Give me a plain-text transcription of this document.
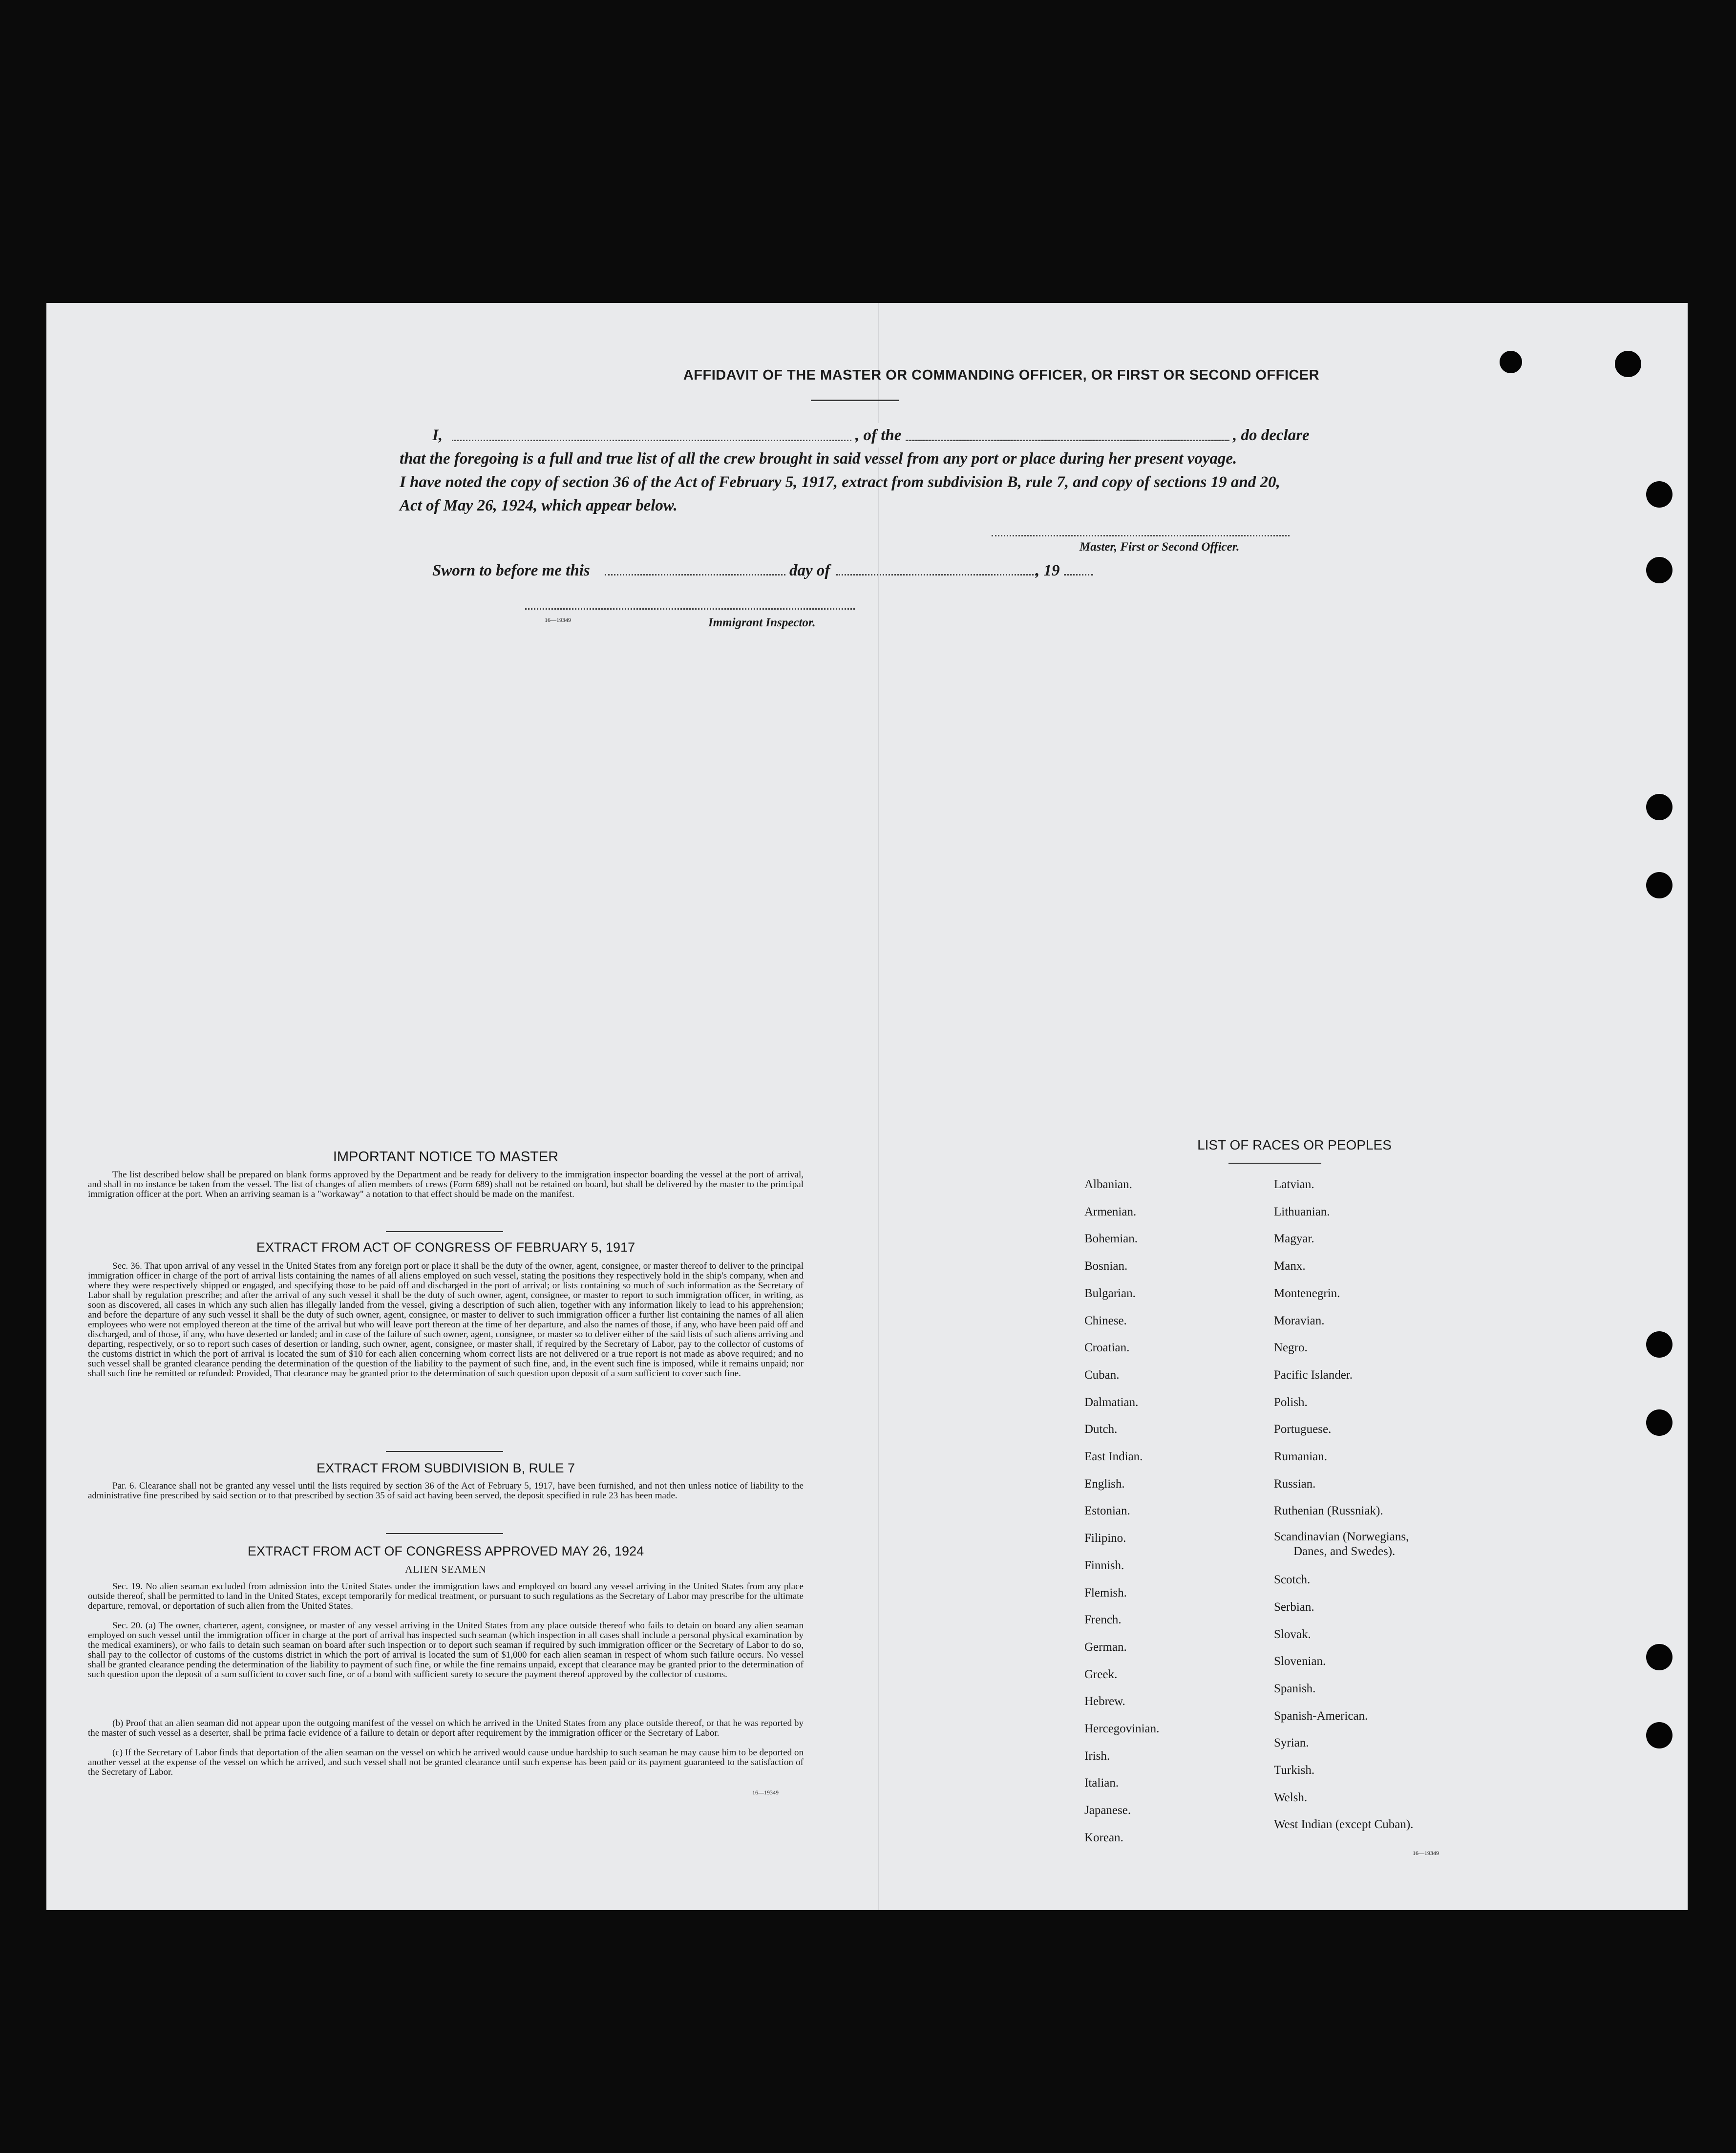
AFFIDAVIT OF THE MASTER OR COMMANDING OFFICER, OR FIRST OR SECOND OFFICER
I,	, of the	, do declare
that the foregoing is a full and true list of all the crew brought in said vessel from any port or place during her present voyage.
I have noted the copy of section 36 of the Act of February 5, 1917, extract from subdivision B, rule 7, and copy of sections 19 and 20,
Act of May 26, 1924, which appear below.
Master, First or Second Officer.
Sworn to before me this	day of	, 19
16—19349	Immigrant Inspector.
IMPORTANT NOTICE TO MASTER
The list described below shall be prepared on blank forms approved by the Department and be ready for delivery to the immigration inspector boarding the vessel at the port of arrival, and shall in no instance be taken from the vessel. The list of changes of alien members of crews (Form 689) shall not be retained on board, but shall be delivered by the master to the principal immigration officer at the port. When an arriving seaman is a "workaway" a notation to that effect should be made on the manifest.
EXTRACT FROM ACT OF CONGRESS OF FEBRUARY 5, 1917
Sec. 36. That upon arrival of any vessel in the United States from any foreign port or place it shall be the duty of the owner, agent, consignee, or master thereof to deliver to the principal immigration officer in charge of the port of arrival lists containing the names of all aliens employed on such vessel, stating the positions they respectively hold in the ship's company, when and where they were respectively shipped or engaged, and specifying those to be paid off and discharged in the port of arrival; or lists containing so much of such information as the Secretary of Labor shall by regulation prescribe; and after the arrival of any such vessel it shall be the duty of such owner, agent, consignee, or master to report to such immigration officer, in writing, as soon as discovered, all cases in which any such alien has illegally landed from the vessel, giving a description of such alien, together with any information likely to lead to his apprehension; and before the departure of any such vessel it shall be the duty of such owner, agent, consignee, or master to deliver to such immigration officer a further list containing the names of all alien employees who were not employed thereon at the time of the arrival but who will leave port thereon at the time of her departure, and also the names of those, if any, who have been paid off and discharged, and of those, if any, who have deserted or landed; and in case of the failure of such owner, agent, consignee, or master so to deliver either of the said lists of such aliens arriving and departing, respectively, or so to report such cases of desertion or landing, such owner, agent, consignee, or master shall, if required by the Secretary of Labor, pay to the collector of customs of the customs district in which the port of arrival is located the sum of $10 for each alien concerning whom correct lists are not delivered or a true report is not made as above required; and no such vessel shall be granted clearance pending the determination of the question of the liability to the payment of such fine, and, in the event such fine is imposed, while it remains unpaid; nor shall such fine be remitted or refunded: Provided, That clearance may be granted prior to the determination of such question upon deposit of a sum sufficient to cover such fine.
EXTRACT FROM SUBDIVISION B, RULE 7
Par. 6. Clearance shall not be granted any vessel until the lists required by section 36 of the Act of February 5, 1917, have been furnished, and not then unless notice of liability to the administrative fine prescribed by said section or to that prescribed by section 35 of said act having been served, the deposit specified in rule 23 has been made.
EXTRACT FROM ACT OF CONGRESS APPROVED MAY 26, 1924
ALIEN SEAMEN
Sec. 19. No alien seaman excluded from admission into the United States under the immigration laws and employed on board any vessel arriving in the United States from any place outside thereof, shall be permitted to land in the United States, except temporarily for medical treatment, or pursuant to such regulations as the Secretary of Labor may prescribe for the ultimate departure, removal, or deportation of such alien from the United States.
Sec. 20. (a) The owner, charterer, agent, consignee, or master of any vessel arriving in the United States from any place outside thereof who fails to detain on board any alien seaman employed on such vessel until the immigration officer in charge at the port of arrival has inspected such seaman (which inspection in all cases shall include a personal physical examination by the medical examiners), or who fails to detain such seaman on board after such inspection or to deport such seaman if required by such immigration officer or the Secretary of Labor to do so, shall pay to the collector of customs of the customs district in which the port of arrival is located the sum of $1,000 for each alien seaman in respect of whom such failure occurs. No vessel shall be granted clearance pending the determination of the liability to payment of such fine, or while the fine remains unpaid, except that clearance may be granted prior to the determination of such question upon the deposit of a sum sufficient to cover such fine, or of a bond with sufficient surety to secure the payment thereof approved by the collector of customs.
(b) Proof that an alien seaman did not appear upon the outgoing manifest of the vessel on which he arrived in the United States from any place outside thereof, or that he was reported by the master of such vessel as a deserter, shall be prima facie evidence of a failure to detain or deport after requirement by the immigration officer or the Secretary of Labor.
(c) If the Secretary of Labor finds that deportation of the alien seaman on the vessel on which he arrived would cause undue hardship to such seaman he may cause him to be deported on another vessel at the expense of the vessel on which he arrived, and such vessel shall not be granted clearance until such expense has been paid or its payment guaranteed to the satisfaction of the Secretary of Labor.
16—19349
LIST OF RACES OR PEOPLES
Albanian.
Armenian.
Bohemian.
Bosnian.
Bulgarian.
Chinese.
Croatian.
Cuban.
Dalmatian.
Dutch.
East Indian.
English.
Estonian.
Filipino.
Finnish.
Flemish.
French.
German.
Greek.
Hebrew.
Hercegovinian.
Irish.
Italian.
Japanese.
Korean.
Latvian.
Lithuanian.
Magyar.
Manx.
Montenegrin.
Moravian.
Negro.
Pacific Islander.
Polish.
Portuguese.
Rumanian.
Russian.
Ruthenian (Russniak).
Scandinavian (Norwegians,
Danes, and Swedes).
Scotch.
Serbian.
Slovak.
Slovenian.
Spanish.
Spanish-American.
Syrian.
Turkish.
Welsh.
West Indian (except Cuban).
16—19349
